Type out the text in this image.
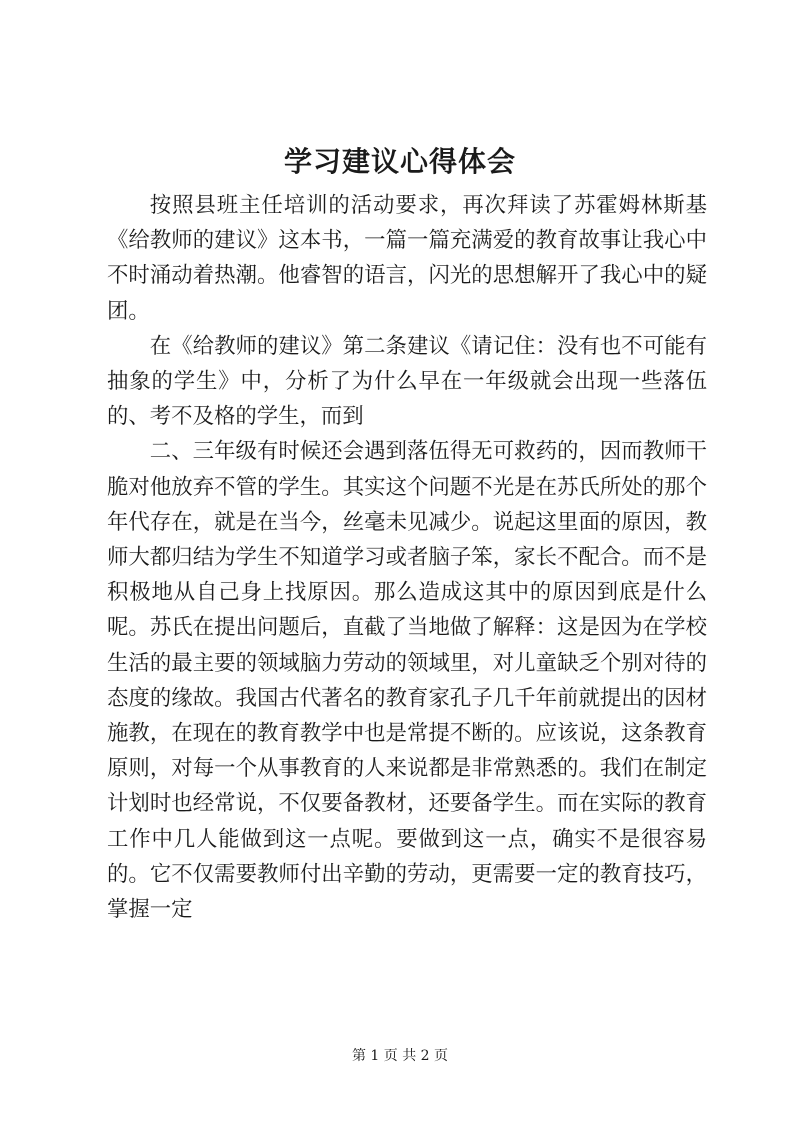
学习建议心得体会

按照县班主任培训的活动要求，再次拜读了苏霍姆林斯基《给教师的建议》这本书，一篇一篇充满爱的教育故事让我心中不时涌动着热潮。他睿智的语言，闪光的思想解开了我心中的疑团。

在《给教师的建议》第二条建议《请记住：没有也不可能有抽象的学生》中，分析了为什么早在一年级就会出现一些落伍的、考不及格的学生，而到

二、三年级有时候还会遇到落伍得无可救药的，因而教师干脆对他放弃不管的学生。其实这个问题不光是在苏氏所处的那个年代存在，就是在当今，丝毫未见减少。说起这里面的原因，教师大都归结为学生不知道学习或者脑子笨，家长不配合。而不是积极地从自己身上找原因。那么造成这其中的原因到底是什么呢。苏氏在提出问题后，直截了当地做了解释：这是因为在学校生活的最主要的领域脑力劳动的领域里，对儿童缺乏个别对待的态度的缘故。我国古代著名的教育家孔子几千年前就提出的因材施教，在现在的教育教学中也是常提不断的。应该说，这条教育原则，对每一个从事教育的人来说都是非常熟悉的。我们在制定计划时也经常说，不仅要备教材，还要备学生。而在实际的教育工作中几人能做到这一点呢。要做到这一点，确实不是很容易的。它不仅需要教师付出辛勤的劳动，更需要一定的教育技巧，掌握一定

第 1 页 共 2 页
